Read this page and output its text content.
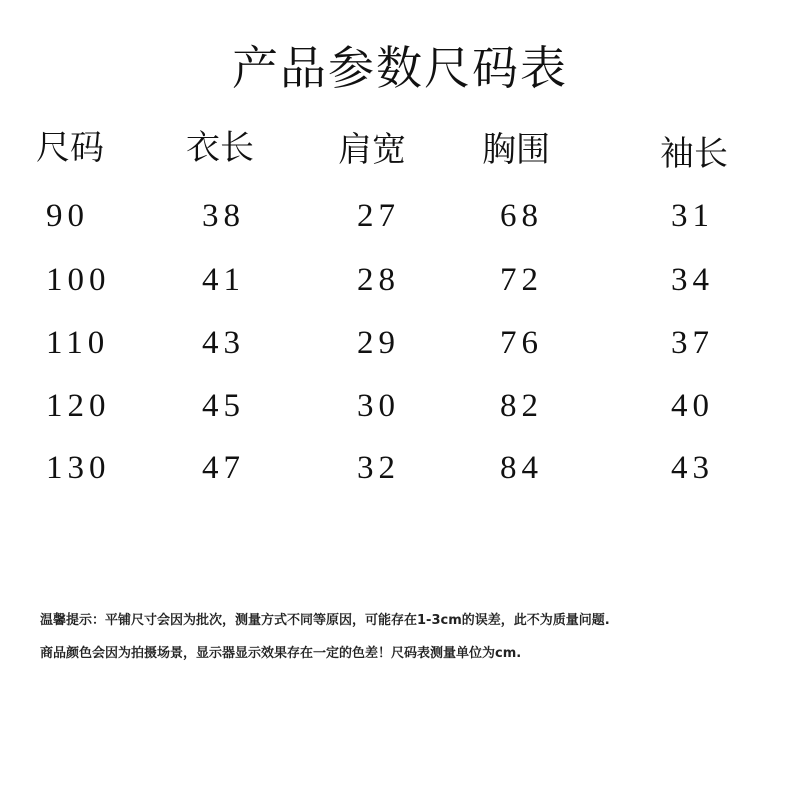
产品参数尺码表
尺码 衣长 肩宽 胸围	袖长
90	38	27	68	31
100	41	28	72	34
110	43	29	76	37
120	45	30	82	40
130	47	32	84	43
温馨提示：平铺尺寸会因为批次，测量方式不同等原因，可能存在1-3cm的误差，此不为质量问题.
商品颜色会因为拍摄场景，显示器显示效果存在一定的色差！尺码表测量单位为cm.
